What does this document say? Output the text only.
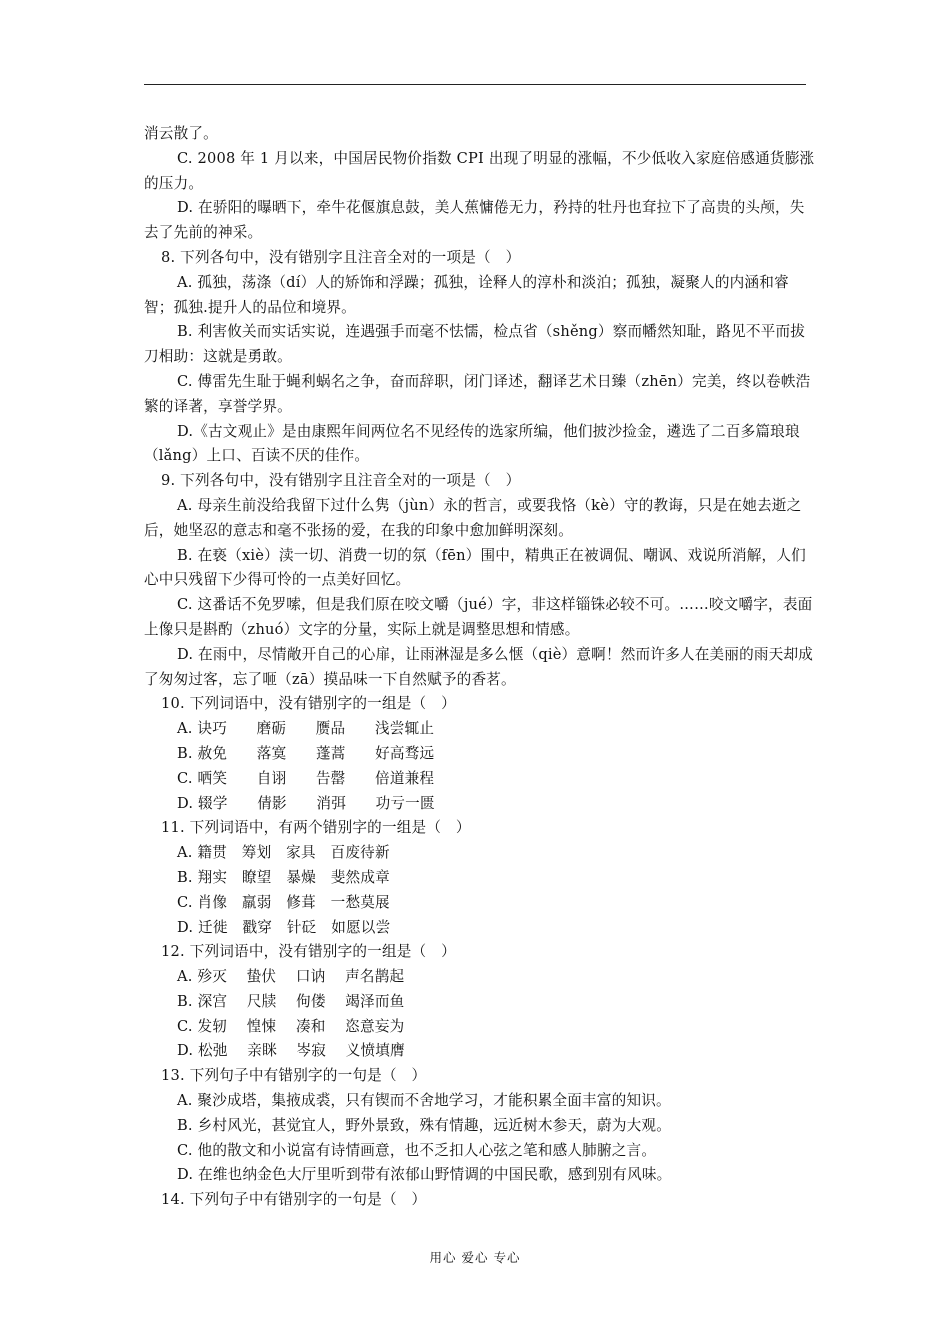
消云散了。

C. 2008 年 1 月以来，中国居民物价指数 CPI 出现了明显的涨幅，不少低收入家庭倍感通货膨涨的压力。

D. 在骄阳的曝晒下，牵牛花偃旗息鼓，美人蕉慵倦无力，矜持的牡丹也耷拉下了高贵的头颅，失去了先前的神采。

8. 下列各句中，没有错别字且注音全对的一项是（　）

A. 孤独，荡涤（dí）人的矫饰和浮躁；孤独，诠释人的淳朴和淡泊；孤独，凝聚人的内涵和睿智；孤独.提升人的品位和境界。

B. 利害攸关而实话实说，连遇强手而毫不怯懦，检点省（shěng）察而幡然知耻，路见不平而拔刀相助：这就是勇敢。

C. 傅雷先生耻于蝇利蜗名之争，奋而辞职，闭门译述，翻译艺术日臻（zhēn）完美，终以卷帙浩繁的译著，享誉学界。

D.《古文观止》是由康熙年间两位名不见经传的选家所编，他们披沙捡金，遴选了二百多篇琅琅（lǎng）上口、百读不厌的佳作。

9. 下列各句中，没有错别字且注音全对的一项是（　）

A. 母亲生前没给我留下过什么隽（jùn）永的哲言，或要我恪（kè）守的教诲，只是在她去逝之后，她坚忍的意志和毫不张扬的爱，在我的印象中愈加鲜明深刻。

B. 在亵（xiè）渎一切、消费一切的氛（fēn）围中，精典正在被调侃、嘲讽、戏说所消解，人们心中只残留下少得可怜的一点美好回忆。

C. 这番话不免罗嗦，但是我们原在咬文嚼（jué）字，非这样锱铢必较不可。……咬文嚼字，表面上像只是斟酌（zhuó）文字的分量，实际上就是调整思想和情感。

D. 在雨中，尽情敞开自己的心扉，让雨淋湿是多么惬（qiè）意啊！然而许多人在美丽的雨天却成了匆匆过客，忘了咂（zā）摸品味一下自然赋予的香茗。

10. 下列词语中，没有错别字的一组是（　）

A. 诀巧　　磨砺　　赝品　　浅尝辄止

B. 赦免　　落寞　　蓬蒿　　好高骛远

C. 哂笑　　自诩　　告罄　　倍道兼程

D. 辍学　　倩影　　消弭　　功亏一匮

11. 下列词语中，有两个错别字的一组是（　）

A. 籍贯　筹划　家具　百废待新

B. 翔实　瞭望　暴燥　斐然成章

C. 肖像　羸弱　修葺　一愁莫展

D. 迁徙　戳穿　针砭　如愿以尝

12. 下列词语中，没有错别字的一组是（　）

A. 殄灭　 蛰伏　 口讷　 声名鹊起

B. 深宫　 尺牍　 佝偻　 竭泽而鱼

C. 发轫　 惶悚　 凑和　 恣意妄为

D. 松弛　 亲眯　 岑寂　 义愤填膺

13. 下列句子中有错别字的一句是（　）

A. 聚沙成塔，集掖成裘，只有锲而不舍地学习，才能积累全面丰富的知识。

B. 乡村风光，甚觉宜人，野外景致，殊有情趣，远近树木参天，蔚为大观。

C. 他的散文和小说富有诗情画意，也不乏扣人心弦之笔和感人肺腑之言。

D. 在维也纳金色大厅里听到带有浓郁山野情调的中国民歌，感到别有风味。

14. 下列句子中有错别字的一句是（　）

用心 爱心 专心
